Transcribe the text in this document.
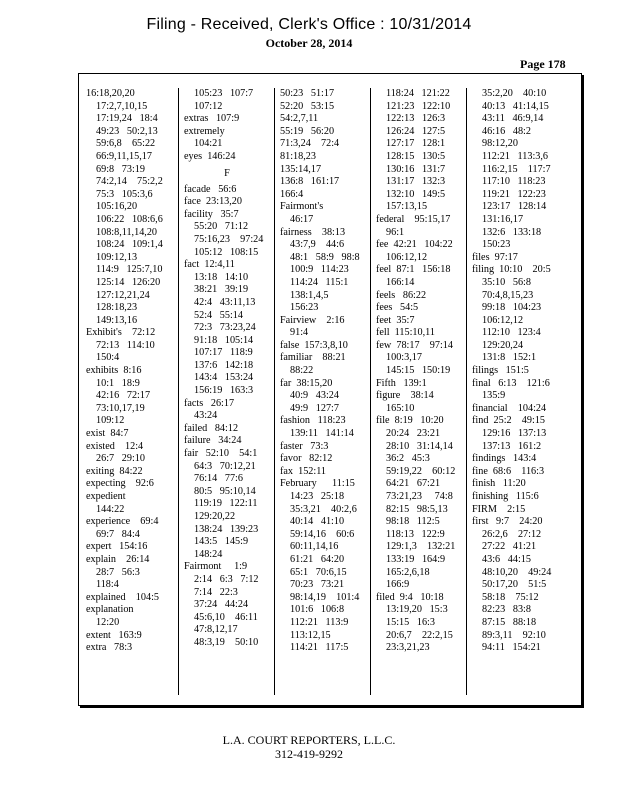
Filing - Received, Clerk's Office : 10/31/2014
October 28, 2014
Page 178
16:18,20,20
17:2,7,10,15
17:19,24   18:4
49:23   50:2,13
59:6,8    65:22
66:9,11,15,17
69:8   73:19
74:2,14    75:2,2
75:3   105:3,6
105:16,20
106:22   108:6,6
108:8,11,14,20
108:24   109:1,4
109:12,13
114:9   125:7,10
125:14   126:20
127:12,21,24
128:18,23
149:13,16
Exhibit's    72:12
72:13   114:10
150:4
exhibits  8:16
10:1   18:9
42:16   72:17
73:10,17,19
109:12
exist  84:7
existed    12:4
26:7   29:10
exiting  84:22
expecting    92:6
expedient
144:22
experience    69:4
69:7   84:4
expert   154:16
explain    26:14
28:7   56:3
118:4
explained    104:5
explanation
12:20
extent   163:9
extra   78:3
105:23   107:7
107:12
extras   107:9
extremely
104:21
eyes  146:24
F
facade   56:6
face  23:13,20
facility   35:7
55:20   71:12
75:16,23    97:24
105:12   108:15
fact  12:4,11
13:18   14:10
38:21   39:19
42:4   43:11,13
52:4   55:14
72:3   73:23,24
91:18   105:14
107:17   118:9
137:6   142:18
143:4   153:24
156:19   163:3
facts   26:17
43:24
failed   84:12
failure   34:24
fair   52:10    54:1
64:3   70:12,21
76:14   77:6
80:5   95:10,14
119:19   122:11
129:20,22
138:24   139:23
143:5   145:9
148:24
Fairmont     1:9
2:14   6:3   7:12
7:14   22:3
37:24   44:24
45:6,10    46:11
47:8,12,17
48:3,19    50:10
50:23   51:17
52:20   53:15
54:2,7,11
55:19   56:20
71:3,24    72:4
81:18,23
135:14,17
136:8   161:17
166:4
Fairmont's
46:17
fairness    38:13
43:7,9    44:6
48:1   58:9   98:8
100:9   114:23
114:24   115:1
138:1,4,5
156:23
Fairview    2:16
91:4
false  157:3,8,10
familiar    88:21
88:22
far  38:15,20
40:9   43:24
49:9   127:7
fashion   118:23
139:11   141:14
faster   73:3
favor   82:12
fax  152:11
February      11:15
14:23   25:18
35:3,21    40:2,6
40:14   41:10
59:14,16    60:6
60:11,14,16
61:21   64:20
65:1   70:6,15
70:23   73:21
98:14,19    101:4
101:6   106:8
112:21   113:9
113:12,15
114:21   117:5
118:24   121:22
121:23   122:10
122:13   126:3
126:24   127:5
127:17   128:1
128:15   130:5
130:16   131:7
131:17   132:3
132:10   149:5
157:13,15
federal    95:15,17
96:1
fee  42:21   104:22
106:12,12
feel  87:1   156:18
166:14
feels   86:22
fees   54:5
feet  35:7
fell  115:10,11
few  78:17    97:14
100:3,17
145:15   150:19
Fifth   139:1
figure    38:14
165:10
file  8:19   10:20
20:24   23:21
28:10   31:14,14
36:2   45:3
59:19,22    60:12
64:21   67:21
73:21,23     74:8
82:15   98:5,13
98:18   112:5
118:13   122:9
129:1,3    132:21
133:19   164:9
165:2,6,18
166:9
filed  9:4   10:18
13:19,20   15:3
15:15   16:3
20:6,7    22:2,15
23:3,21,23
35:2,20    40:10
40:13   41:14,15
43:11   46:9,14
46:16   48:2
98:12,20
112:21   113:3,6
116:2,15    117:7
117:10   118:23
119:21   122:23
123:17   128:14
131:16,17
132:6   133:18
150:23
files  97:17
filing  10:10    20:5
35:10   56:8
70:4,8,15,23
99:18   104:23
106:12,12
112:10   123:4
129:20,24
131:8   152:1
filings   151:5
final   6:13    121:6
135:9
financial    104:24
find  25:2    49:15
129:16   137:13
137:13   161:2
findings   143:4
fine  68:6    116:3
finish   11:20
finishing   115:6
FIRM    2:15
first   9:7    24:20
26:2,6    27:12
27:22   41:21
43:6   44:15
48:10,20    49:24
50:17,20    51:5
58:18    75:12
82:23   83:8
87:15   88:18
89:3,11    92:10
94:11   154:21
L.A. COURT REPORTERS, L.L.C.
312-419-9292
